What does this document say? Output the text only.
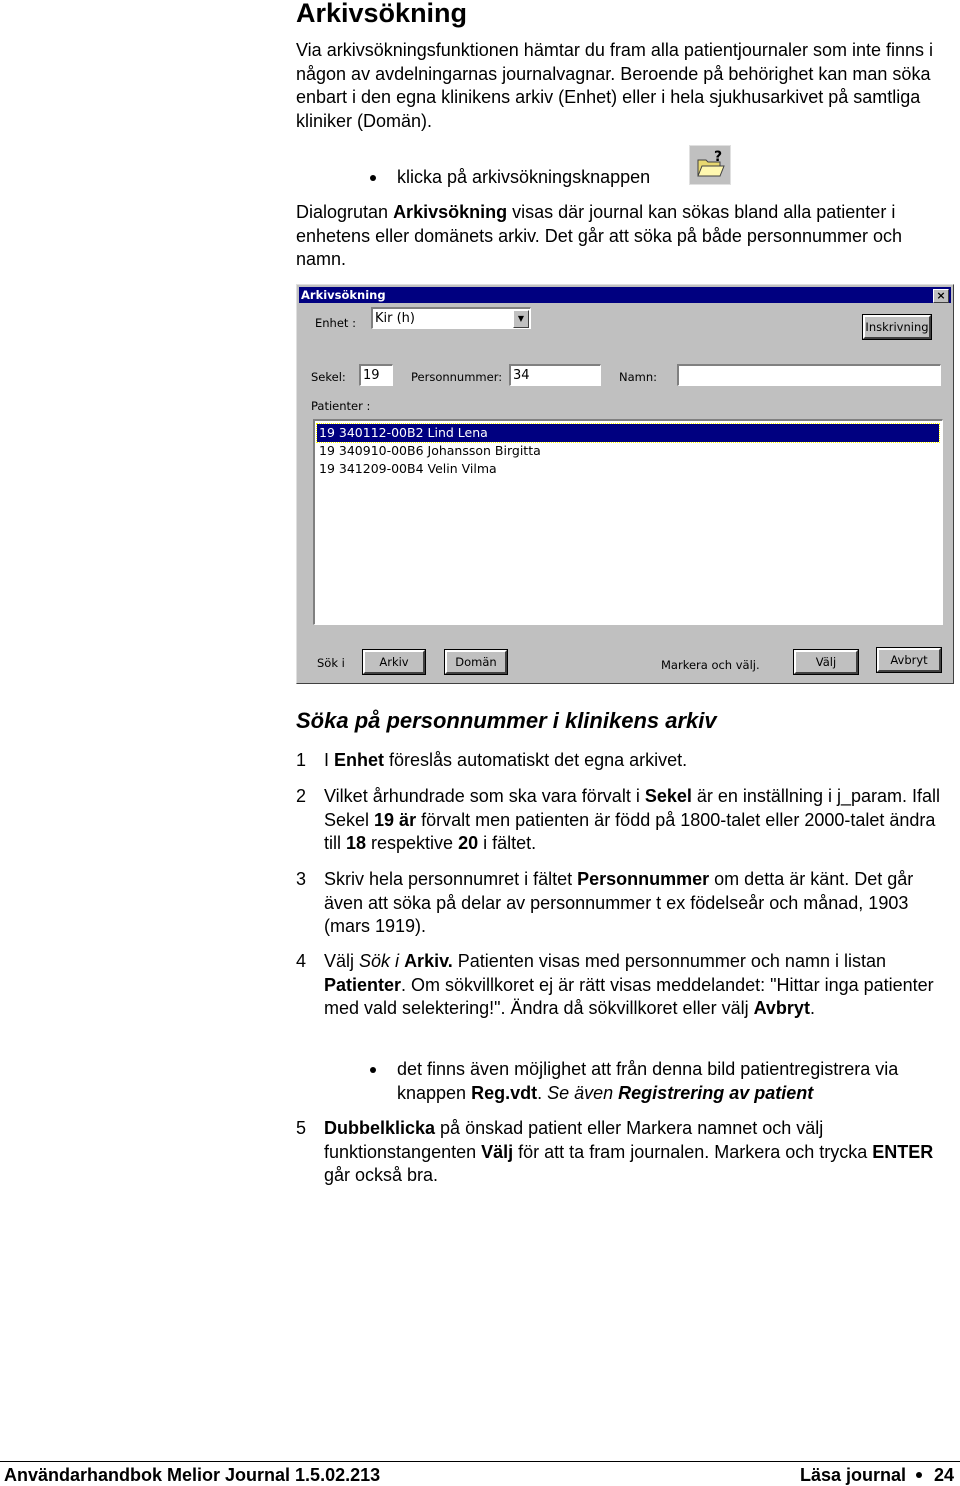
Arkivsökning
Via arkivsökningsfunktionen hämtar du fram alla patientjournaler som inte finns i någon av avdelningarnas journalvagnar. Beroende på behörighet kan man söka enbart i den egna klinikens arkiv (Enhet) eller i hela sjukhusarkivet på samtliga kliniker (Domän).
klicka på arkivsökningsknappen
?
Dialogrutan Arkivsökning visas där journal kan sökas bland alla patienter i enhetens eller domänets arkiv. Det går att söka på både personnummer och namn.
Arkivsökning	×
Enhet :	Kir (h)	▼
Inskrivning
Sekel:	19	Personnummer: 34	Namn:
Patienter :
19 340112-00B2 Lind Lena
19 340910-00B6 Johansson Birgitta
19 341209-00B4 Velin Vilma
Sök i	Arkiv	Domän	Markera och välj.	Välj	Avbryt
Söka på personnummer i klinikens arkiv
1 I Enhet föreslås automatiskt det egna arkivet.
2 Vilket århundrade som ska vara förvalt i Sekel är en inställning i j_param. Ifall Sekel 19 är förvalt men patienten är född på 1800-talet eller 2000-talet ändra till 18 respektive 20 i fältet.
3 Skriv hela personnumret i fältet Personnummer om detta är känt. Det går även att söka på delar av personnummer t ex födelseår och månad, 1903 (mars 1919).
4 Välj Sök i Arkiv. Patienten visas med personnummer och namn i listan Patienter. Om sökvillkoret ej är rätt visas meddelandet: "Hittar inga patienter med vald selektering!". Ändra då sökvillkoret eller välj Avbryt.
det finns även möjlighet att från denna bild patientregistrera via knappen Reg.vdt. Se även Registrering av patient
5 Dubbelklicka på önskad patient eller Markera namnet och välj funktionstangenten Välj för att ta fram journalen. Markera och trycka ENTER går också bra.
Användarhandbok Melior Journal 1.5.02.213	Läsa journal 24
